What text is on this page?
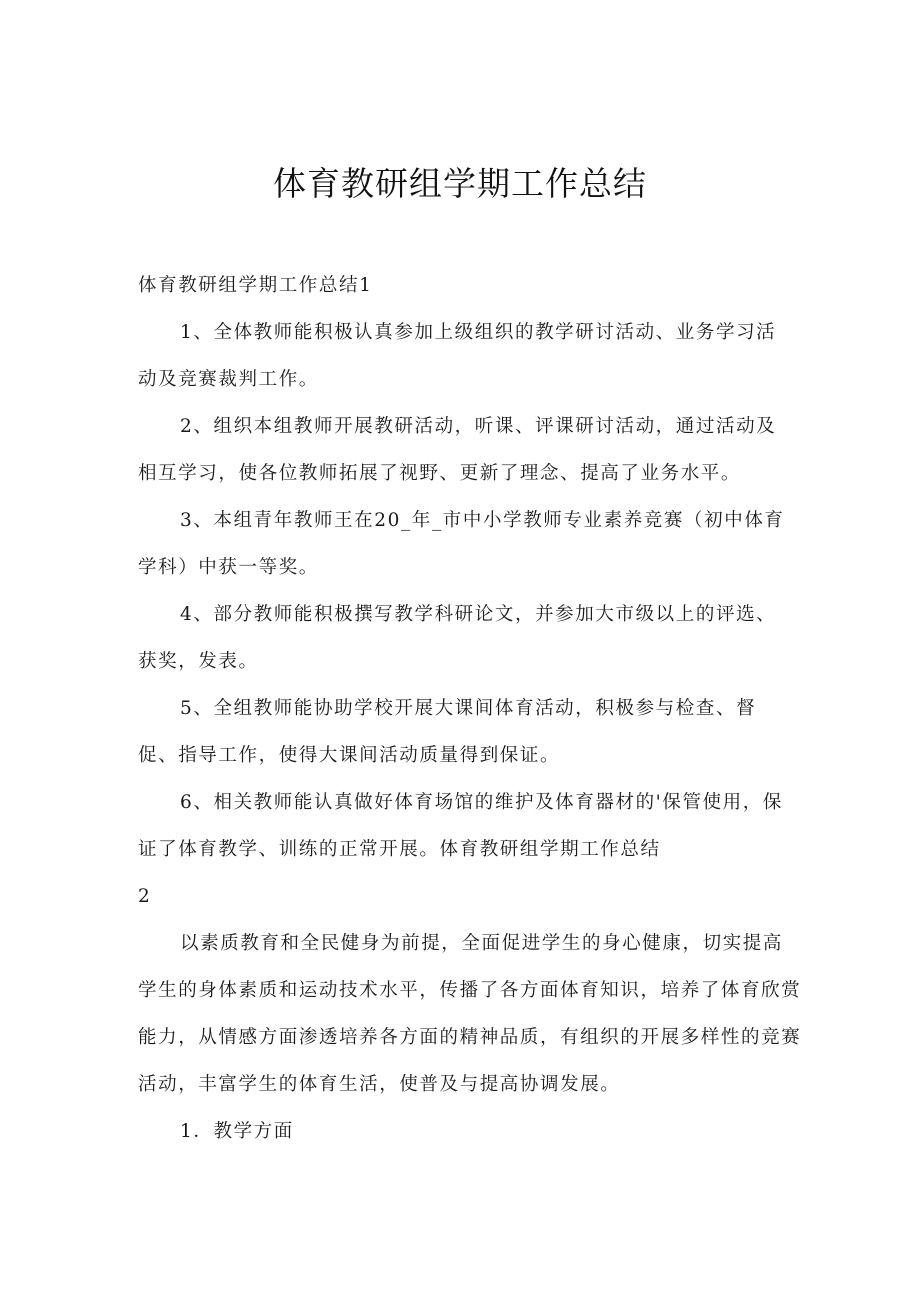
体育教研组学期工作总结

体育教研组学期工作总结1

1、全体教师能积极认真参加上级组织的教学研讨活动、业务学习活
动及竞赛裁判工作。

2、组织本组教师开展教研活动，听课、评课研讨活动，通过活动及
相互学习，使各位教师拓展了视野、更新了理念、提高了业务水平。

3、本组青年教师王在20_年_市中小学教师专业素养竞赛（初中体育
学科）中获一等奖。

4、部分教师能积极撰写教学科研论文，并参加大市级以上的评选、
获奖，发表。

5、全组教师能协助学校开展大课间体育活动，积极参与检查、督
促、指导工作，使得大课间活动质量得到保证。

6、相关教师能认真做好体育场馆的维护及体育器材的'保管使用，保
证了体育教学、训练的正常开展。体育教研组学期工作总结

2

以素质教育和全民健身为前提，全面促进学生的身心健康，切实提高
学生的身体素质和运动技术水平，传播了各方面体育知识，培养了体育欣赏
能力，从情感方面渗透培养各方面的精神品质，有组织的开展多样性的竞赛
活动，丰富学生的体育生活，使普及与提高协调发展。

1．教学方面
